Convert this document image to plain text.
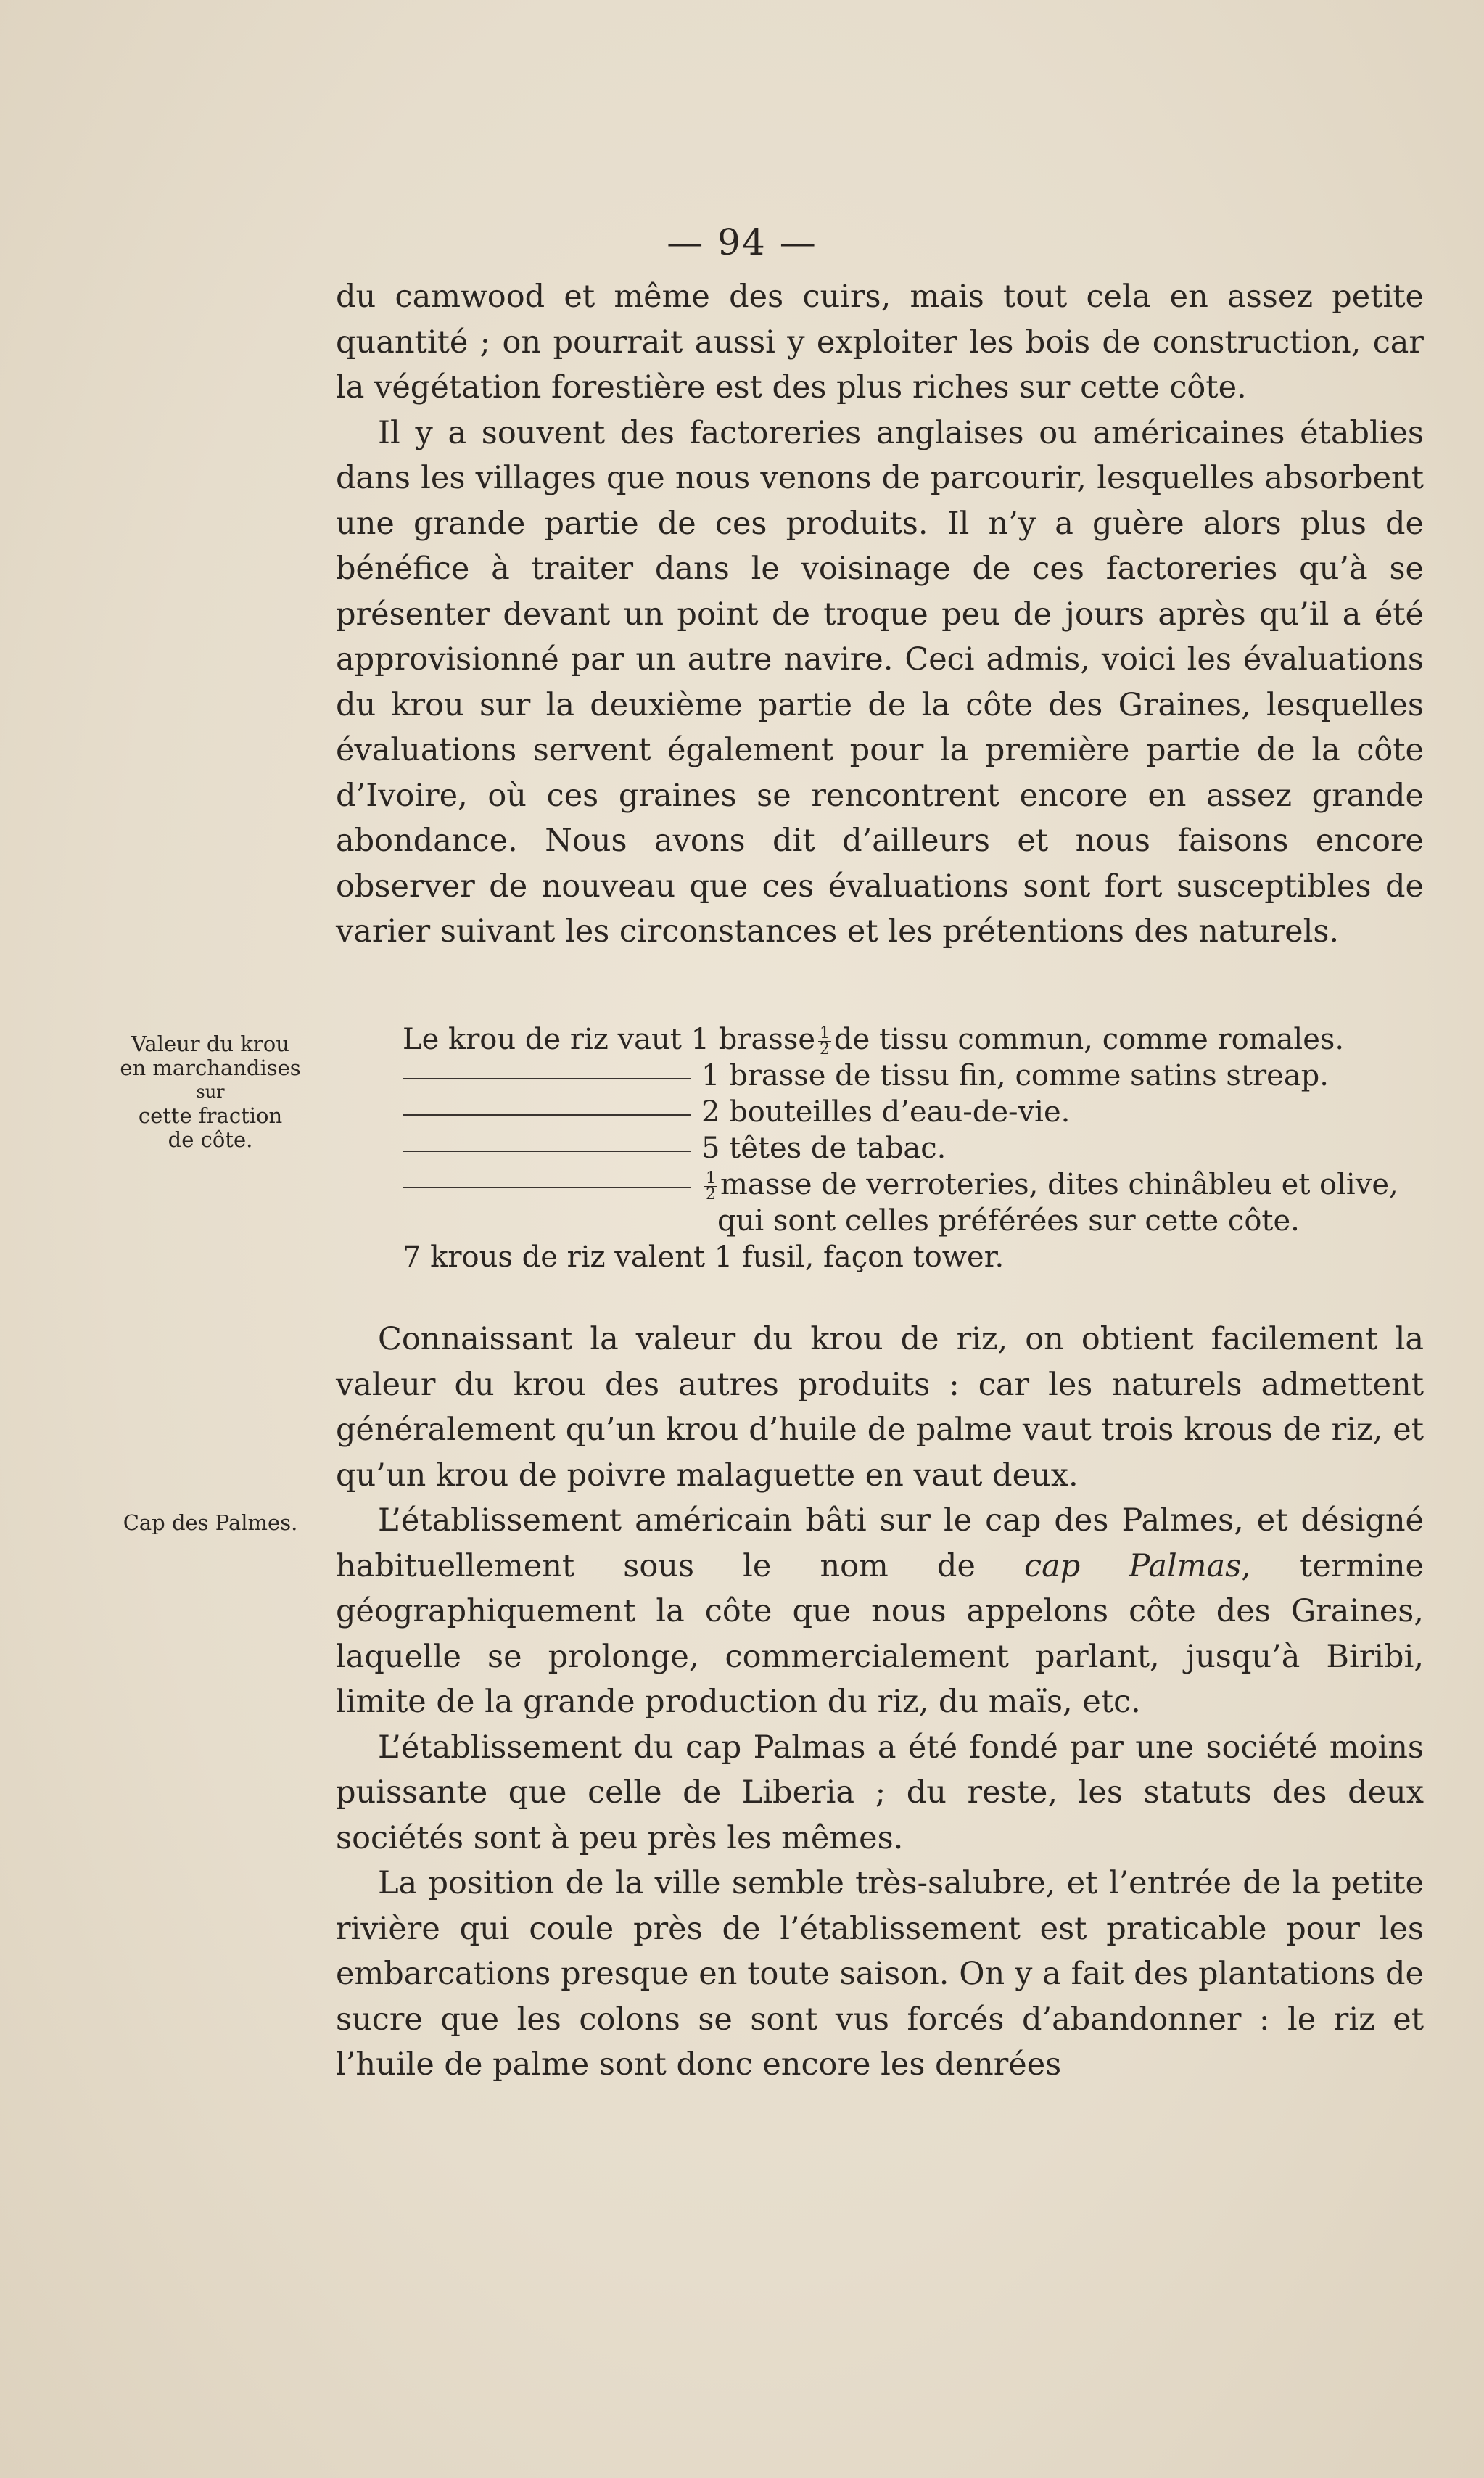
— 94 —

du camwood et même des cuirs, mais tout cela en assez petite quantité ; on pourrait aussi y exploiter les bois de construction, car la végétation forestière est des plus riches sur cette côte.

Il y a souvent des factoreries anglaises ou américaines établies dans les villages que nous venons de parcourir, lesquelles absorbent une grande partie de ces produits. Il n’y a guère alors plus de bénéfice à traiter dans le voisinage de ces factoreries qu’à se présenter devant un point de troque peu de jours après qu’il a été approvisionné par un autre navire. Ceci admis, voici les évaluations du krou sur la deuxième partie de la côte des Graines, lesquelles évaluations servent également pour la première partie de la côte d’Ivoire, où ces graines se rencontrent encore en assez grande abondance. Nous avons dit d’ailleurs et nous faisons encore observer de nouveau que ces évaluations sont fort susceptibles de varier suivant les circonstances et les prétentions des naturels.

Valeur du krou
en marchandises
sur
cette fraction
de côte.
Le krou de riz vaut 1 brasse $\frac{1}{2}$ de tissu commun, comme romales.
1 brasse de tissu fin, comme satins streap.
2 bouteilles d’eau-de-vie.
5 têtes de tabac.
$\frac{1}{2}$ masse de verroteries, dites chinâbleu et olive,
qui sont celles préférées sur cette côte.
7 krous de riz valent 1 fusil, façon tower.

Connaissant la valeur du krou de riz, on obtient facilement la valeur du krou des autres produits : car les naturels admettent généralement qu’un krou d’huile de palme vaut trois krous de riz, et qu’un krou de poivre malaguette en vaut deux.

L’établissement américain bâti sur le cap des Palmes, et désigné habituellement sous le nom de cap Palmas, termine géographiquement la côte que nous appelons côte des Graines, laquelle se prolonge, commercialement parlant, jusqu’à Biribi, limite de la grande production du riz, du maïs, etc.

L’établissement du cap Palmas a été fondé par une société moins puissante que celle de Liberia ; du reste, les statuts des deux sociétés sont à peu près les mêmes.

La position de la ville semble très-salubre, et l’entrée de la petite rivière qui coule près de l’établissement est praticable pour les embarcations presque en toute saison. On y a fait des plantations de sucre que les colons se sont vus forcés d’abandonner : le riz et l’huile de palme sont donc encore les denrées

Cap des Palmes.
